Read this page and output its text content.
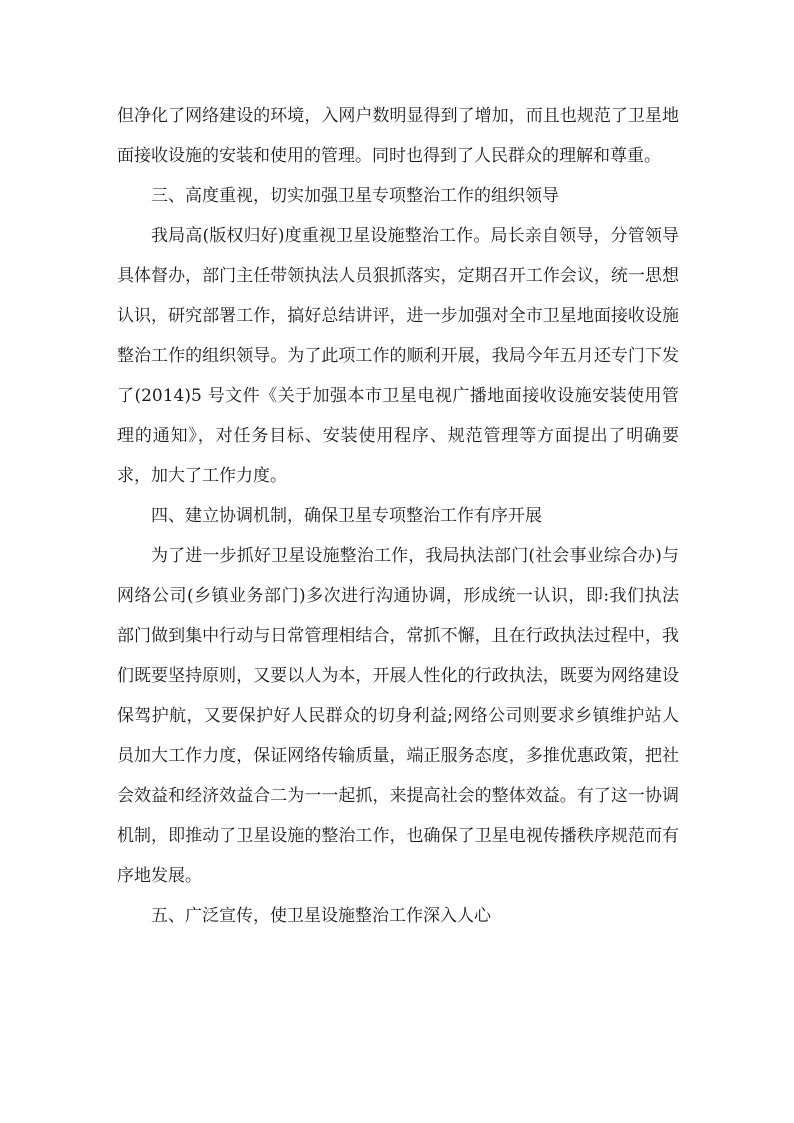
但净化了网络建设的环境，入网户数明显得到了增加，而且也规范了卫星地面接收设施的安装和使用的管理。同时也得到了人民群众的理解和尊重。

三、高度重视，切实加强卫星专项整治工作的组织领导

我局高(版权归好)度重视卫星设施整治工作。局长亲自领导，分管领导具体督办，部门主任带领执法人员狠抓落实，定期召开工作会议，统一思想认识，研究部署工作，搞好总结讲评，进一步加强对全市卫星地面接收设施整治工作的组织领导。为了此项工作的顺利开展，我局今年五月还专门下发了(2014)5 号文件《关于加强本市卫星电视广播地面接收设施安装使用管理的通知》，对任务目标、安装使用程序、规范管理等方面提出了明确要求，加大了工作力度。

四、建立协调机制，确保卫星专项整治工作有序开展

为了进一步抓好卫星设施整治工作，我局执法部门(社会事业综合办)与网络公司(乡镇业务部门)多次进行沟通协调，形成统一认识，即:我们执法部门做到集中行动与日常管理相结合，常抓不懈，且在行政执法过程中，我们既要坚持原则，又要以人为本，开展人性化的行政执法，既要为网络建设保驾护航，又要保护好人民群众的切身利益;网络公司则要求乡镇维护站人员加大工作力度，保证网络传输质量，端正服务态度，多推优惠政策，把社会效益和经济效益合二为一一起抓，来提高社会的整体效益。有了这一协调机制，即推动了卫星设施的整治工作，也确保了卫星电视传播秩序规范而有序地发展。

五、广泛宣传，使卫星设施整治工作深入人心
